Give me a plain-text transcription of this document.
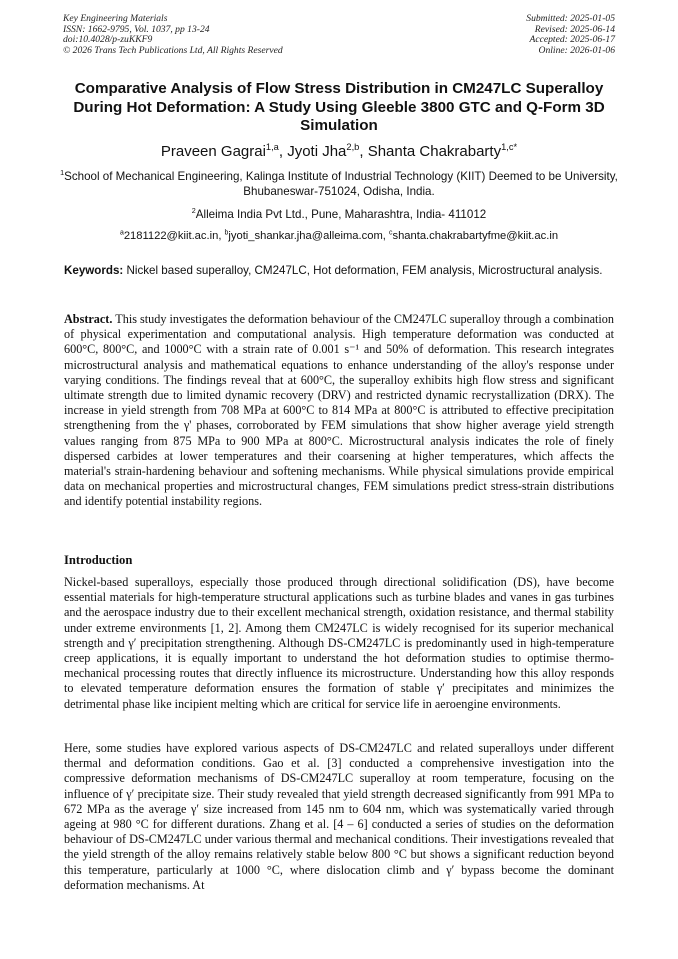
Key Engineering Materials
ISSN: 1662-9795, Vol. 1037, pp 13-24
doi:10.4028/p-zuKKF9
© 2026 Trans Tech Publications Ltd, All Rights Reserved
Submitted: 2025-01-05
Revised: 2025-06-14
Accepted: 2025-06-17
Online: 2026-01-06
Comparative Analysis of Flow Stress Distribution in CM247LC Superalloy During Hot Deformation: A Study Using Gleeble 3800 GTC and Q-Form 3D Simulation
Praveen Gagrai$^{1,a}$, Jyoti Jha$^{2,b}$, Shanta Chakrabarty$^{1,c*}$
$^1$School of Mechanical Engineering, Kalinga Institute of Industrial Technology (KIIT) Deemed to be University, Bhubaneswar-751024, Odisha, India.
$^2$Alleima India Pvt Ltd., Pune, Maharashtra, India- 411012
$^a$2181122@kiit.ac.in, $^b$jyoti_shankar.jha@alleima.com, $^c$shanta.chakrabartyfme@kiit.ac.in
Keywords: Nickel based superalloy, CM247LC, Hot deformation, FEM analysis, Microstructural analysis.
Abstract. This study investigates the deformation behaviour of the CM247LC superalloy through a combination of physical experimentation and computational analysis. High temperature deformation was conducted at 600°C, 800°C, and 1000°C with a strain rate of 0.001 s⁻¹ and 50% of deformation. This research integrates microstructural analysis and mathematical equations to enhance understanding of the alloy's response under varying conditions. The findings reveal that at 600°C, the superalloy exhibits high flow stress and significant ultimate strength due to limited dynamic recovery (DRV) and restricted dynamic recrystallization (DRX). The increase in yield strength from 708 MPa at 600°C to 814 MPa at 800°C is attributed to effective precipitation strengthening from the γ' phases, corroborated by FEM simulations that show higher average yield strength values ranging from 875 MPa to 900 MPa at 800°C. Microstructural analysis indicates the role of finely dispersed carbides at lower temperatures and their coarsening at higher temperatures, which affects the material's strain-hardening behaviour and softening mechanisms. While physical simulations provide empirical data on mechanical properties and microstructural changes, FEM simulations predict stress-strain distributions and identify potential instability regions.
Introduction
Nickel-based superalloys, especially those produced through directional solidification (DS), have become essential materials for high-temperature structural applications such as turbine blades and vanes in gas turbines and the aerospace industry due to their excellent mechanical strength, oxidation resistance, and thermal stability under extreme environments [1, 2]. Among them CM247LC is widely recognised for its superior mechanical strength and γ′ precipitation strengthening. Although DS-CM247LC is predominantly used in high-temperature creep applications, it is equally important to understand the hot deformation studies to optimise thermo-mechanical processing routes that directly influence its microstructure. Understanding how this alloy responds to elevated temperature deformation ensures the formation of stable γ′ precipitates and minimizes the detrimental phase like incipient melting which are critical for service life in aeroengine environments.
Here, some studies have explored various aspects of DS-CM247LC and related superalloys under different thermal and deformation conditions. Gao et al. [3] conducted a comprehensive investigation into the compressive deformation mechanisms of DS-CM247LC superalloy at room temperature, focusing on the influence of γ′ precipitate size. Their study revealed that yield strength decreased significantly from 991 MPa to 672 MPa as the average γ′ size increased from 145 nm to 604 nm, which was systematically varied through ageing at 980 °C for different durations. Zhang et al. [4 – 6] conducted a series of studies on the deformation behaviour of DS-CM247LC under various thermal and mechanical conditions. Their investigations revealed that the yield strength of the alloy remains relatively stable below 800 °C but shows a significant reduction beyond this temperature, particularly at 1000 °C, where dislocation climb and γ′ bypass become the dominant deformation mechanisms. At
